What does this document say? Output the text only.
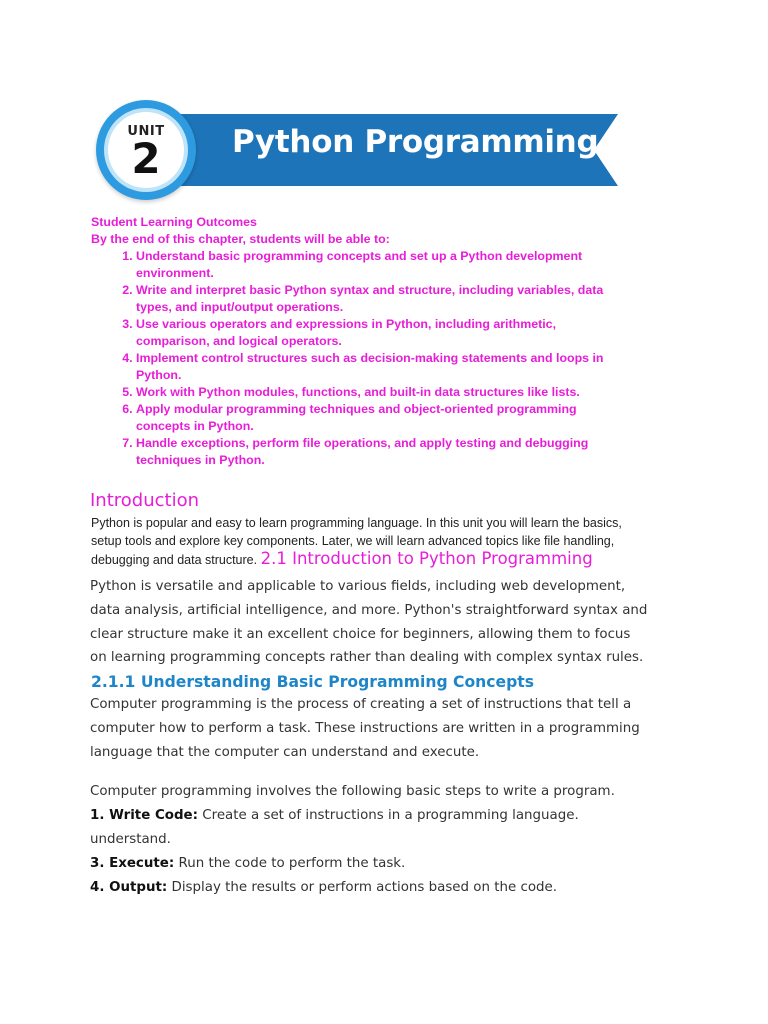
Python Programming
UNIT
2
Student Learning Outcomes
By the end of this chapter, students will be able to:
1. Understand basic programming concepts and set up a Python development environment.
2. Write and interpret basic Python syntax and structure, including variables, data types, and input/output operations.
3. Use various operators and expressions in Python, including arithmetic, comparison, and logical operators.
4. Implement control structures such as decision-making statements and loops in Python.
5. Work with Python modules, functions, and built-in data structures like lists.
6. Apply modular programming techniques and object-oriented programming concepts in Python.
7. Handle exceptions, perform file operations, and apply testing and debugging techniques in Python.
Introduction
Python is popular and easy to learn programming language. In this unit you will learn the basics, setup tools and explore key components. Later, we will learn advanced topics like file handling, debugging and data structure. 2.1 Introduction to Python Programming
Python is versatile and applicable to various fields, including web development, data analysis, artificial intelligence, and more. Python's straightforward syntax and clear structure make it an excellent choice for beginners, allowing them to focus on learning programming concepts rather than dealing with complex syntax rules.
2.1.1 Understanding Basic Programming Concepts
Computer programming is the process of creating a set of instructions that tell a computer how to perform a task. These instructions are written in a programming language that the computer can understand and execute.
Computer programming involves the following basic steps to write a program.
1. Write Code: Create a set of instructions in a programming language.
understand.
3. Execute: Run the code to perform the task.
4. Output: Display the results or perform actions based on the code.
